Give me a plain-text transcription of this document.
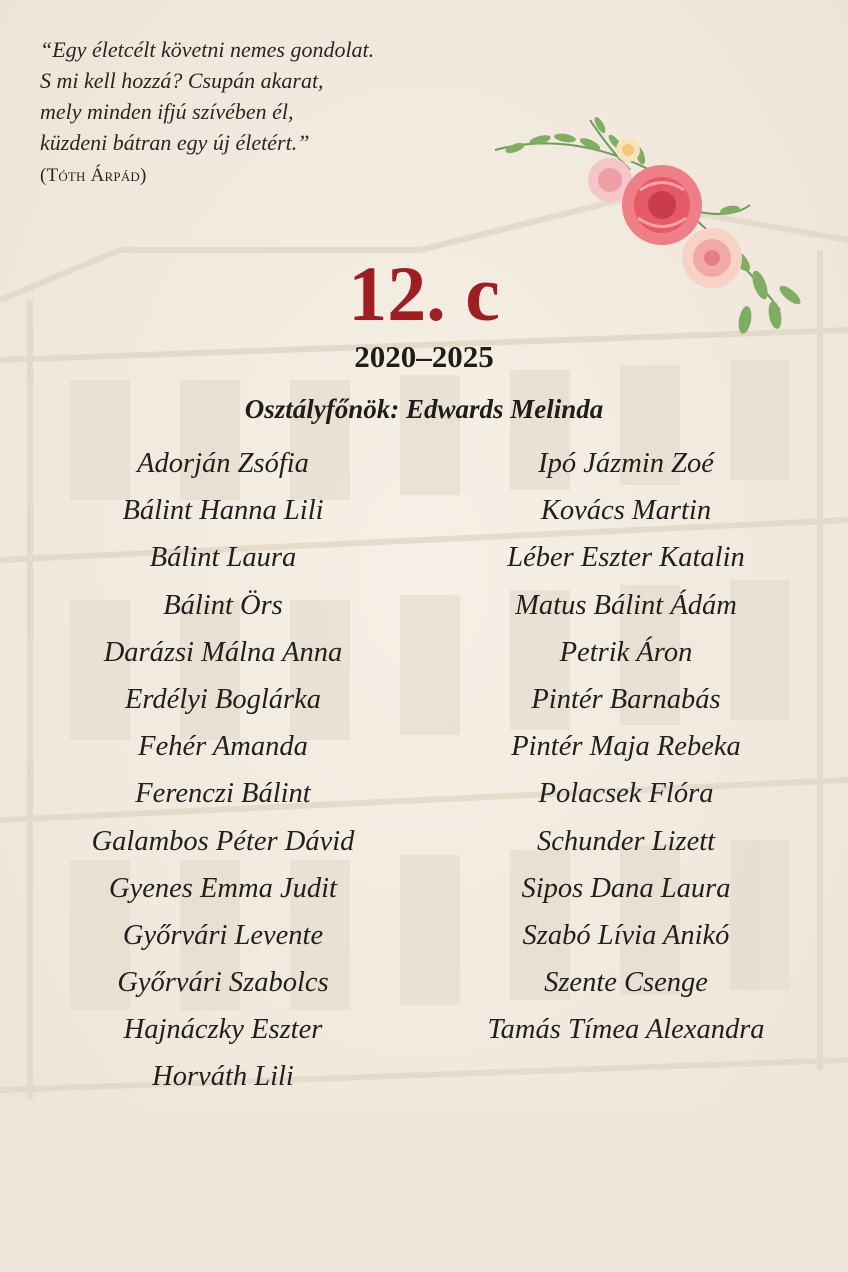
“Egy életcélt követni nemes gondolat.
S mi kell hozzá? Csupán akarat,
mely minden ifjú szívében él,
küzdeni bátran egy új életért.”
(Tóth Árpád)
12. c
2020–2025
Osztályfőnök: Edwards Melinda
Adorján Zsófia
Bálint Hanna Lili
Bálint Laura
Bálint Örs
Darázsi Málna Anna
Erdélyi Boglárka
Fehér Amanda
Ferenczi Bálint
Galambos Péter Dávid
Gyenes Emma Judit
Győrvári Levente
Győrvári Szabolcs
Hajnáczky Eszter
Horváth Lili
Ipó Jázmin Zoé
Kovács Martin
Léber Eszter Katalin
Matus Bálint Ádám
Petrik Áron
Pintér Barnabás
Pintér Maja Rebeka
Polacsek Flóra
Schunder Lizett
Sipos Dana Laura
Szabó Lívia Anikó
Szente Csenge
Tamás Tímea Alexandra
